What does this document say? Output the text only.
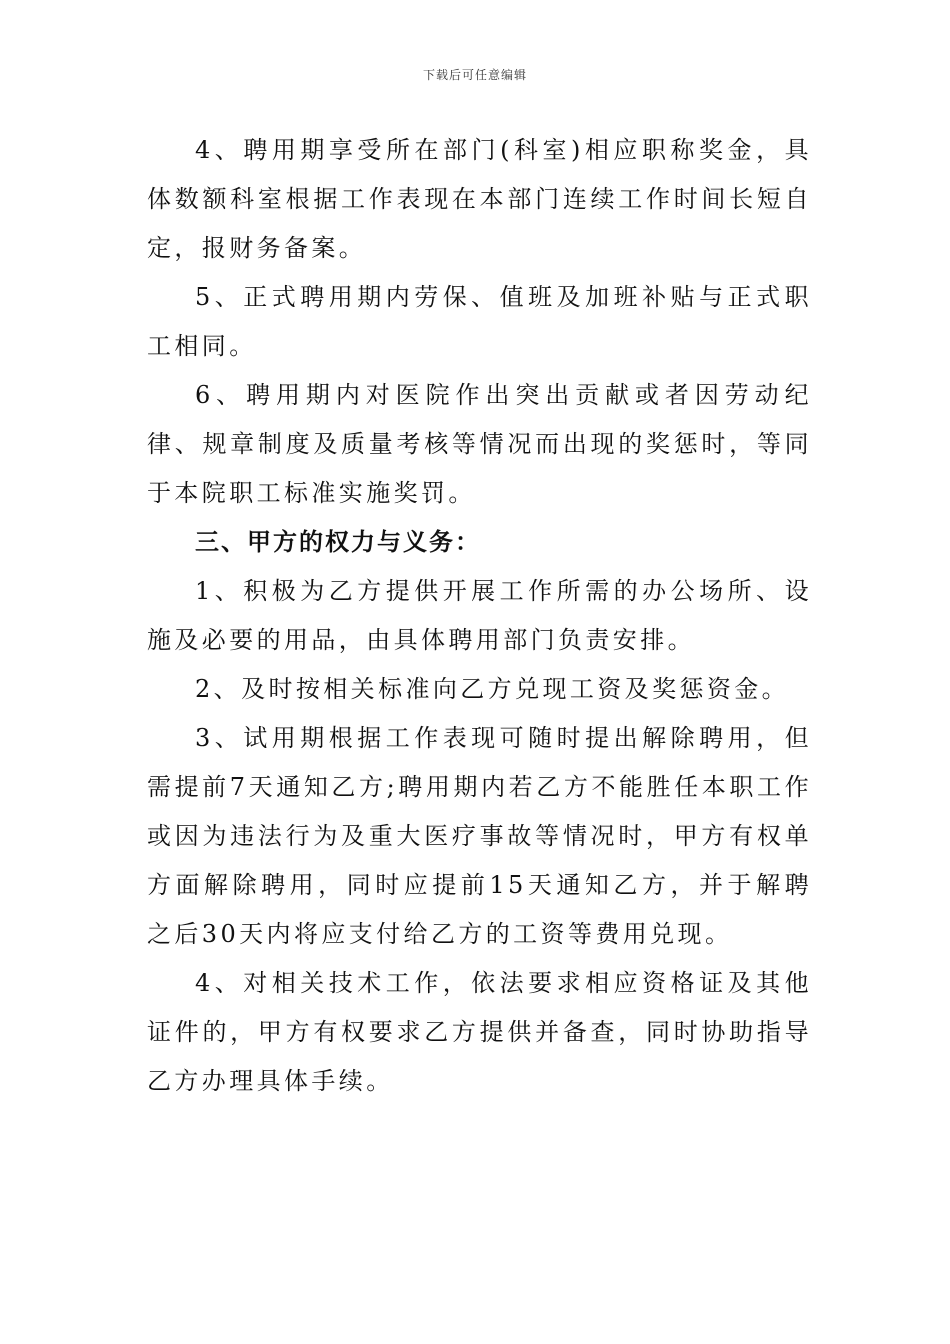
下载后可任意编辑

4、聘用期享受所在部门(科室)相应职称奖金，具体数额科室根据工作表现在本部门连续工作时间长短自定，报财务备案。

5、正式聘用期内劳保、值班及加班补贴与正式职工相同。

6、聘用期内对医院作出突出贡献或者因劳动纪律、规章制度及质量考核等情况而出现的奖惩时，等同于本院职工标准实施奖罚。

三、甲方的权力与义务：

1、积极为乙方提供开展工作所需的办公场所、设施及必要的用品，由具体聘用部门负责安排。

2、及时按相关标准向乙方兑现工资及奖惩资金。

3、试用期根据工作表现可随时提出解除聘用，但需提前7天通知乙方;聘用期内若乙方不能胜任本职工作或因为违法行为及重大医疗事故等情况时，甲方有权单方面解除聘用，同时应提前15天通知乙方，并于解聘之后30天内将应支付给乙方的工资等费用兑现。

4、对相关技术工作，依法要求相应资格证及其他证件的，甲方有权要求乙方提供并备查，同时协助指导乙方办理具体手续。
